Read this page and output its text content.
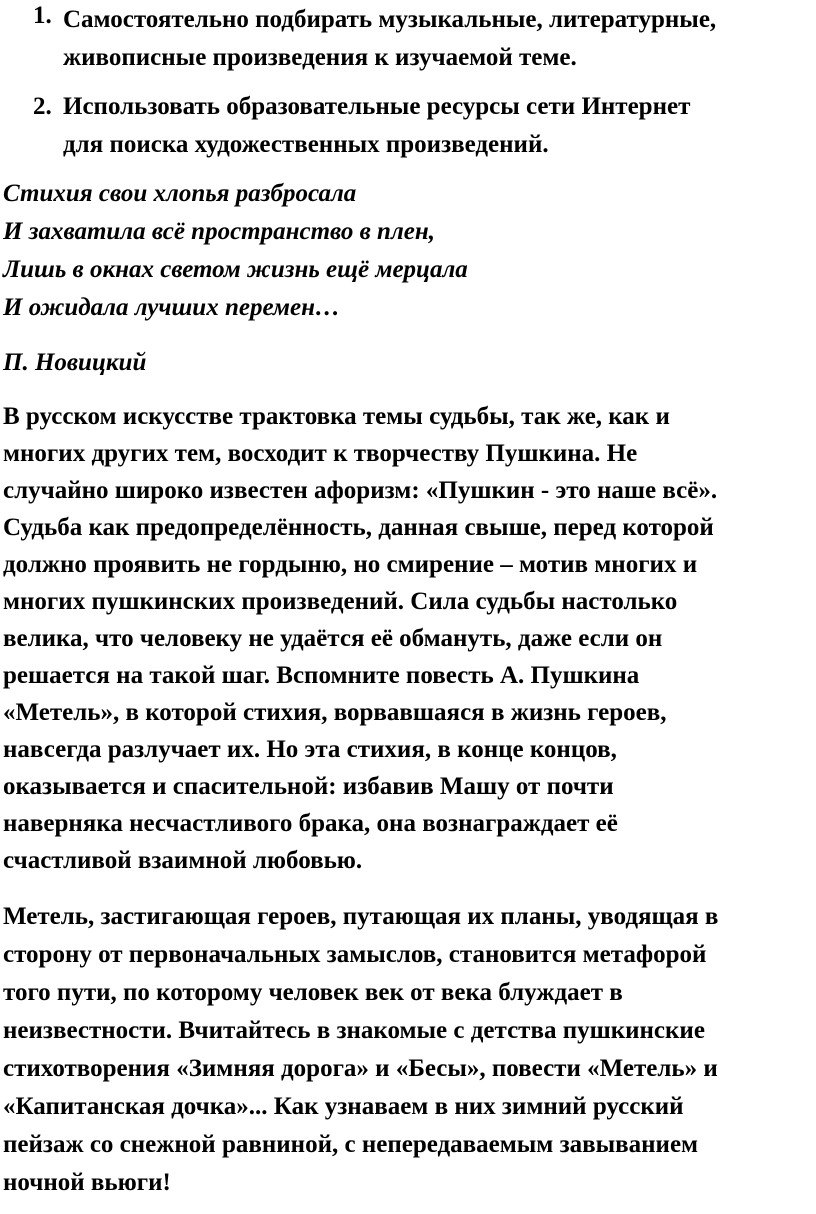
1. Самостоятельно подбирать музыкальные, литературные,
живописные произведения к изучаемой теме.
2. Использовать образовательные ресурсы сети Интернет
для поиска художественных произведений.
Стихия свои хлопья разбросала
И захватила всё пространство в плен,
Лишь в окнах светом жизнь ещё мерцала
И ожидала лучших перемен…
П. Новицкий
В русском искусстве трактовка темы судьбы, так же, как и
многих других тем, восходит к творчеству Пушкина. Не
случайно широко известен афоризм: «Пушкин - это наше всё».
Судьба как предопределённость, данная свыше, перед которой
должно проявить не гордыню, но смирение – мотив многих и
многих пушкинских произведений. Сила судьбы настолько
велика, что человеку не удаётся её обмануть, даже если он
решается на такой шаг. Вспомните повесть А. Пушкина
«Метель», в которой стихия, ворвавшаяся в жизнь героев,
навсегда разлучает их. Но эта стихия, в конце концов,
оказывается и спасительной: избавив Машу от почти
наверняка несчастливого брака, она вознаграждает её
счастливой взаимной любовью.
Метель, застигающая героев, путающая их планы, уводящая в
сторону от первоначальных замыслов, становится метафорой
того пути, по которому человек век от века блуждает в
неизвестности. Вчитайтесь в знакомые с детства пушкинские
стихотворения «Зимняя дорога» и «Бесы», повести «Метель» и
«Капитанская дочка»... Как узнаваем в них зимний русский
пейзаж со снежной равниной, с непередаваемым завыванием
ночной вьюги!
